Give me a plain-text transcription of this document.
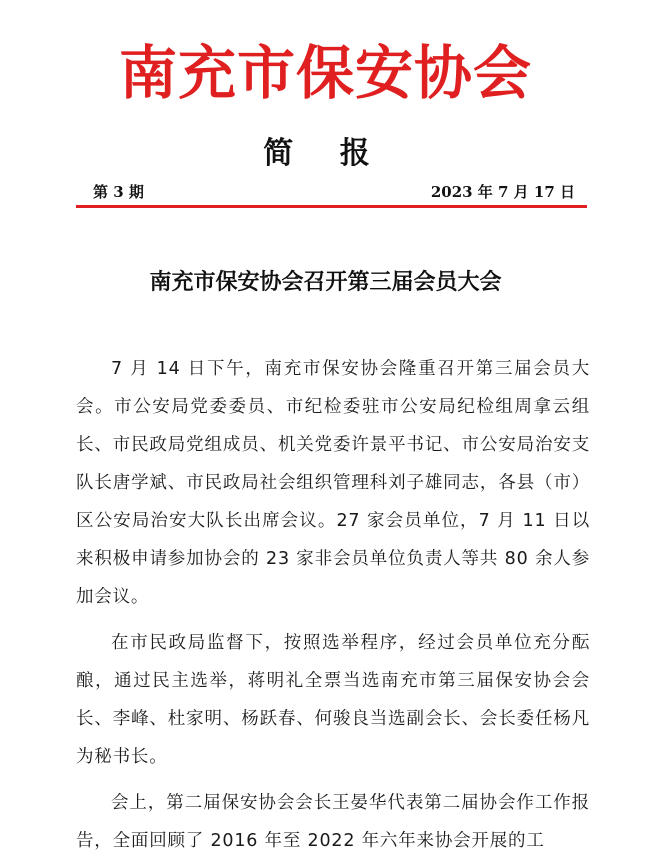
南充市保安协会
简 报
第 3 期	2023 年 7 月 17 日
南充市保安协会召开第三届会员大会

7 月 14 日下午，南充市保安协会隆重召开第三届会员大会。市公安局党委委员、市纪检委驻市公安局纪检组周拿云组长、市民政局党组成员、机关党委许景平书记、市公安局治安支队长唐学斌、市民政局社会组织管理科刘子雄同志，各县（市）区公安局治安大队长出席会议。27 家会员单位，7 月 11 日以来积极申请参加协会的 23 家非会员单位负责人等共 80 余人参加会议。

在市民政局监督下，按照选举程序，经过会员单位充分酝酿，通过民主选举，蒋明礼全票当选南充市第三届保安协会会长、李峰、杜家明、杨跃春、何骏良当选副会长、会长委任杨凡为秘书长。

会上，第二届保安协会会长王晏华代表第二届协会作工作报告，全面回顾了 2016 年至 2022 年六年来协会开展的工
